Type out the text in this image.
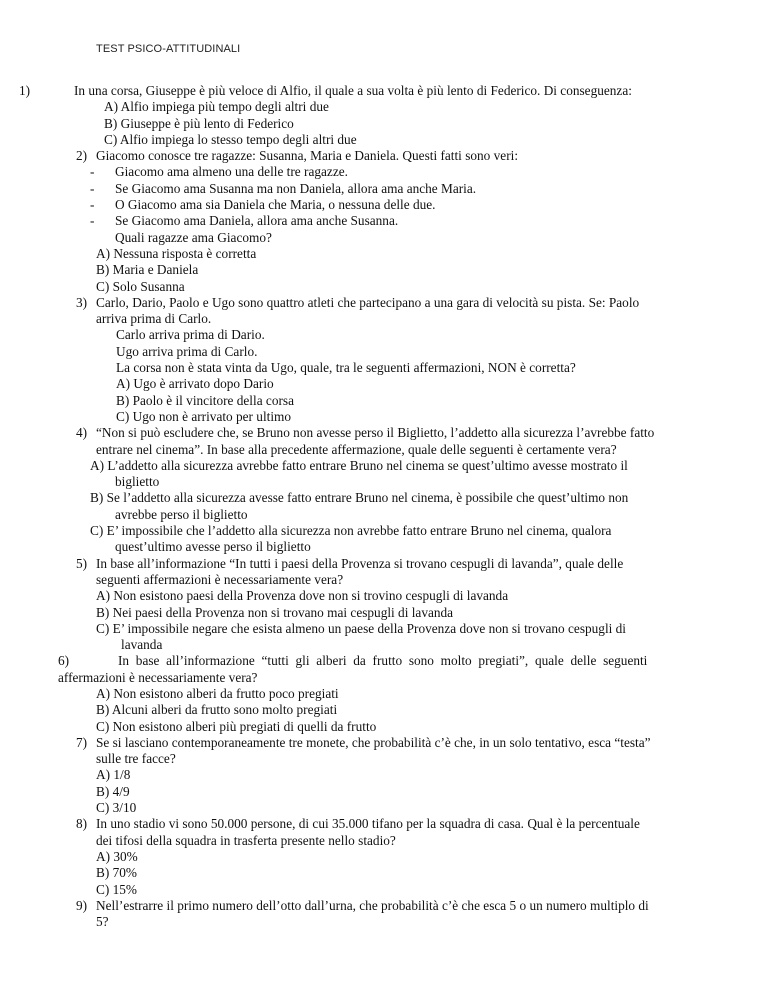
TEST PSICO-ATTITUDINALI
1)	In una corsa, Giuseppe è più veloce di Alfio, il quale a sua volta è più lento di Federico. Di conseguenza:
A) Alfio impiega più tempo degli altri due
B) Giuseppe è più lento di Federico
C) Alfio impiega lo stesso tempo degli altri due
2) Giacomo conosce tre ragazze: Susanna, Maria e Daniela. Questi fatti sono veri:
- Giacomo ama almeno una delle tre ragazze.
- Se Giacomo ama Susanna ma non Daniela, allora ama anche Maria.
- O Giacomo ama sia Daniela che Maria, o nessuna delle due.
- Se Giacomo ama Daniela, allora ama anche Susanna.
Quali ragazze ama Giacomo?
A) Nessuna risposta è corretta
B) Maria e Daniela
C) Solo Susanna
3) Carlo, Dario, Paolo e Ugo sono quattro atleti che partecipano a una gara di velocità su pista. Se: Paolo
arriva prima di Carlo.
Carlo arriva prima di Dario.
Ugo arriva prima di Carlo.
La corsa non è stata vinta da Ugo, quale, tra le seguenti affermazioni, NON è corretta?
A) Ugo è arrivato dopo Dario
B) Paolo è il vincitore della corsa
C) Ugo non è arrivato per ultimo
4) “Non si può escludere che, se Bruno non avesse perso il Biglietto, l’addetto alla sicurezza l’avrebbe fatto
entrare nel cinema”. In base alla precedente affermazione, quale delle seguenti è certamente vera?
A) L’addetto alla sicurezza avrebbe fatto entrare Bruno nel cinema se quest’ultimo avesse mostrato il
biglietto
B) Se l’addetto alla sicurezza avesse fatto entrare Bruno nel cinema, è possibile che quest’ultimo non
avrebbe perso il biglietto
C) E’ impossibile che l’addetto alla sicurezza non avrebbe fatto entrare Bruno nel cinema, qualora
quest’ultimo avesse perso il biglietto
5) In base all’informazione “In tutti i paesi della Provenza si trovano cespugli di lavanda”, quale delle
seguenti affermazioni è necessariamente vera?
A) Non esistono paesi della Provenza dove non si trovino cespugli di lavanda
B) Nei paesi della Provenza non si trovano mai cespugli di lavanda
C) E’ impossibile negare che esista almeno un paese della Provenza dove non si trovano cespugli di
lavanda
6)	In base all’informazione “tutti gli alberi da frutto sono molto pregiati”, quale delle seguenti
affermazioni è necessariamente vera?
A) Non esistono alberi da frutto poco pregiati
B) Alcuni alberi da frutto sono molto pregiati
C) Non esistono alberi più pregiati di quelli da frutto
7) Se si lasciano contemporaneamente tre monete, che probabilità c’è che, in un solo tentativo, esca “testa”
sulle tre facce?
A) 1/8
B) 4/9
C) 3/10
8) In uno stadio vi sono 50.000 persone, di cui 35.000 tifano per la squadra di casa. Qual è la percentuale
dei tifosi della squadra in trasferta presente nello stadio?
A) 30%
B) 70%
C) 15%
9) Nell’estrarre il primo numero dell’otto dall’urna, che probabilità c’è che esca 5 o un numero multiplo di
5?
